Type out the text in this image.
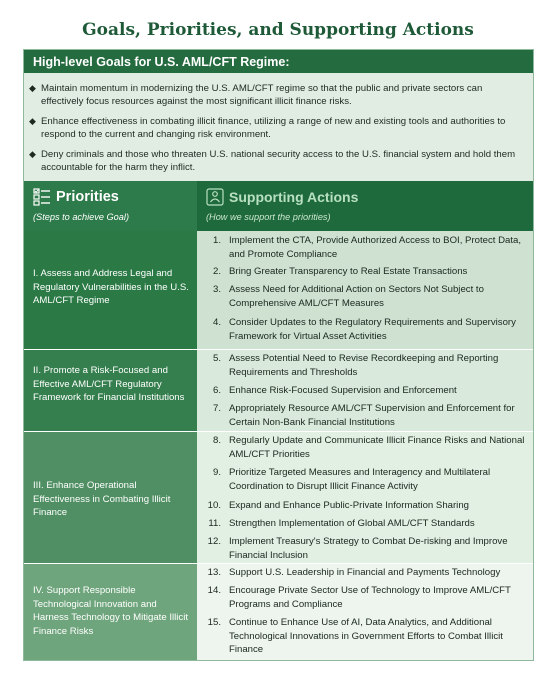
Goals, Priorities, and Supporting Actions
High-level Goals for U.S. AML/CFT Regime:
◆ Maintain momentum in modernizing the U.S. AML/CFT regime so that the public and private sectors can effectively focus resources against the most significant illicit finance risks.
◆ Enhance effectiveness in combating illicit finance, utilizing a range of new and existing tools and authorities to respond to the current and changing risk environment.
◆ Deny criminals and those who threaten U.S. national security access to the U.S. financial system and hold them accountable for the harm they inflict.
Priorities
(Steps to achieve Goal)
Supporting Actions
(How we support the priorities)
I. Assess and Address Legal and Regulatory Vulnerabilities in the U.S. AML/CFT Regime
1. Implement the CTA, Provide Authorized Access to BOI, Protect Data, and Promote Compliance
2. Bring Greater Transparency to Real Estate Transactions
3. Assess Need for Additional Action on Sectors Not Subject to Comprehensive AML/CFT Measures
4. Consider Updates to the Regulatory Requirements and Supervisory Framework for Virtual Asset Activities
II. Promote a Risk-Focused and Effective AML/CFT Regulatory Framework for Financial Institutions
5. Assess Potential Need to Revise Recordkeeping and Reporting Requirements and Thresholds
6. Enhance Risk-Focused Supervision and Enforcement
7. Appropriately Resource AML/CFT Supervision and Enforcement for Certain Non-Bank Financial Institutions
III. Enhance Operational Effectiveness in Combating Illicit Finance
8. Regularly Update and Communicate Illicit Finance Risks and National AML/CFT Priorities
9. Prioritize Targeted Measures and Interagency and Multilateral Coordination to Disrupt Illicit Finance Activity
10. Expand and Enhance Public-Private Information Sharing
11. Strengthen Implementation of Global AML/CFT Standards
12. Implement Treasury's Strategy to Combat De-risking and Improve Financial Inclusion
IV. Support Responsible Technological Innovation and Harness Technology to Mitigate Illicit Finance Risks
13. Support U.S. Leadership in Financial and Payments Technology
14. Encourage Private Sector Use of Technology to Improve AML/CFT Programs and Compliance
15. Continue to Enhance Use of AI, Data Analytics, and Additional Technological Innovations in Government Efforts to Combat Illicit Finance
